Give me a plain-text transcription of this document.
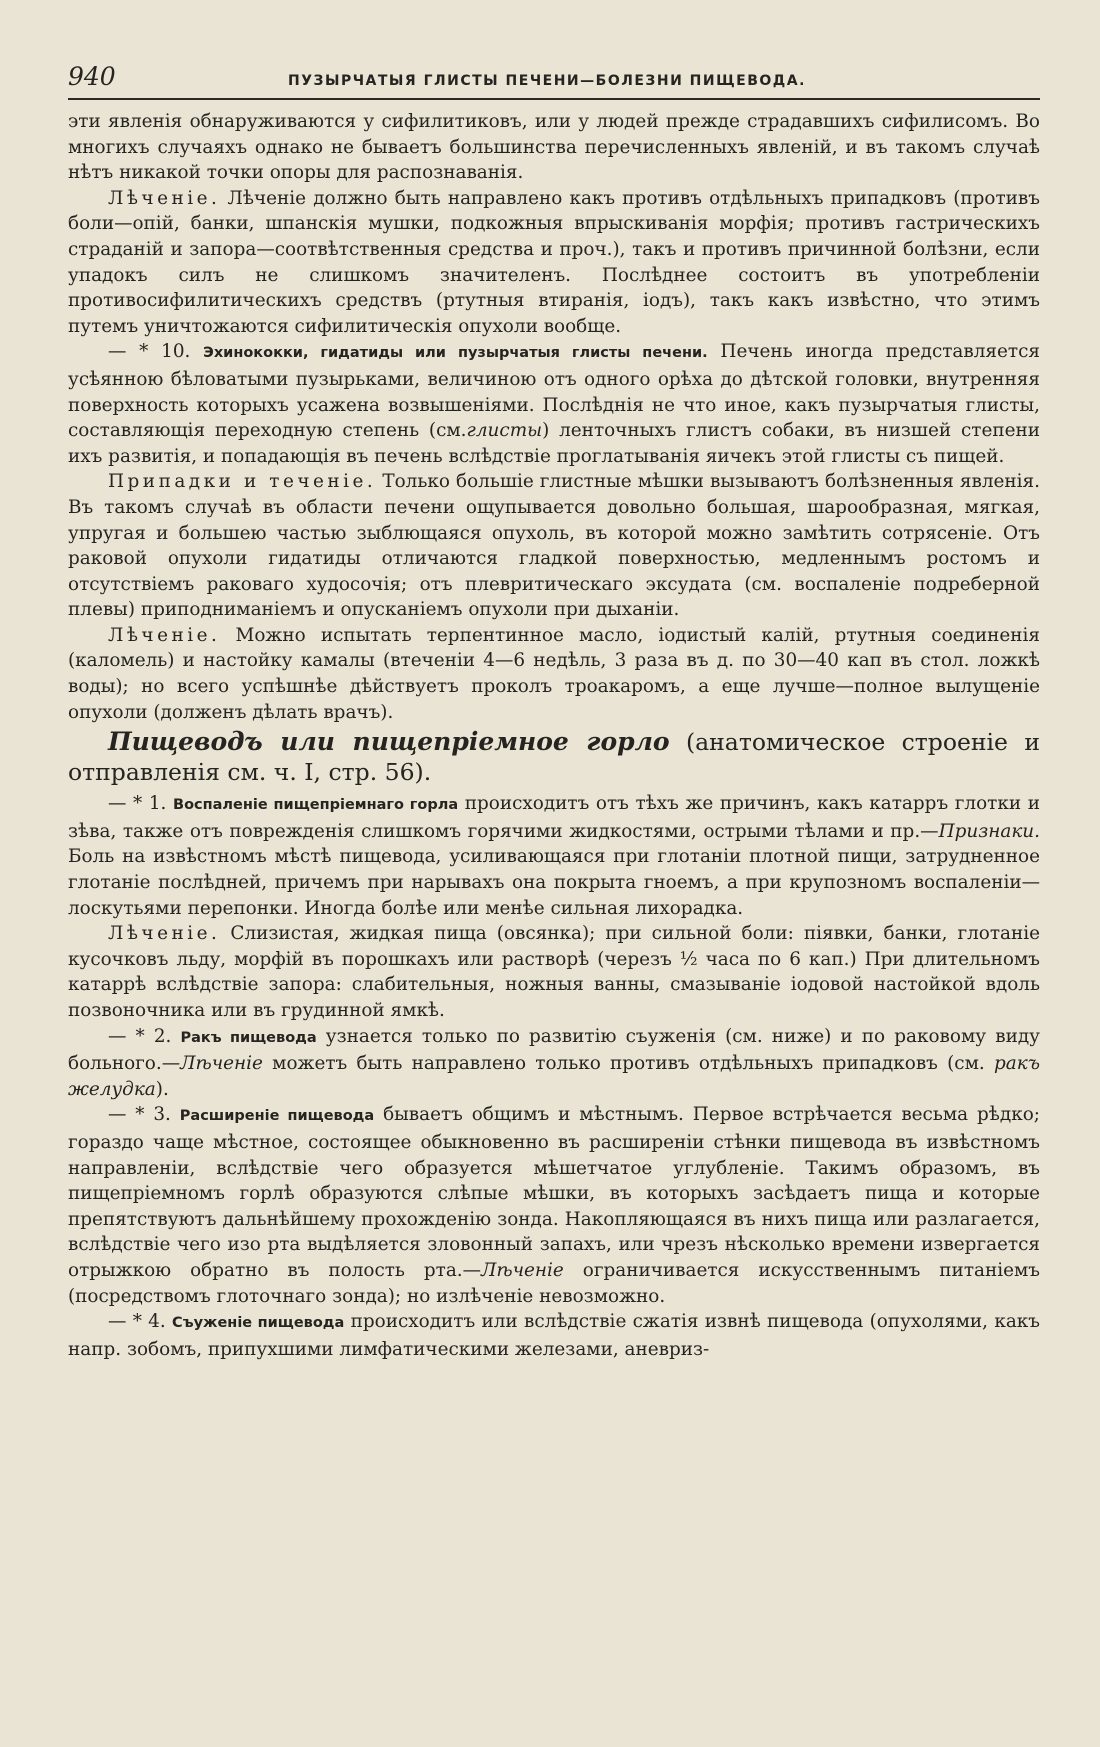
940	ПУЗЫРЧАТЫЯ ГЛИСТЫ ПЕЧЕНИ—БОЛЕЗНИ ПИЩЕВОДА.

эти явленія обнаруживаются у сифилитиковъ, или у людей прежде страдавшихъ сифилисомъ. Во многихъ случаяхъ однако не бываетъ большинства перечисленныхъ явленій, и въ такомъ случаѣ нѣтъ никакой точки опоры для распознаванія.

Лѣченіе. Лѣченіе должно быть направлено какъ противъ отдѣльныхъ припадковъ (противъ боли—опій, банки, шпанскія мушки, подкожныя впрыскиванія морфія; противъ гастрическихъ страданій и запора—соотвѣтственныя средства и проч.), такъ и противъ причинной болѣзни, если упадокъ силъ не слишкомъ значителенъ. Послѣднее состоитъ въ употребленіи противосифилитическихъ средствъ (ртутныя втиранія, іодъ), такъ какъ извѣстно, что этимъ путемъ уничтожаются сифилитическія опухоли вообще.

— * 10. Эхинококки, гидатиды или пузырчатыя глисты печени. Печень иногда представляется усѣянною бѣловатыми пузырьками, величиною отъ одного орѣха до дѣтской головки, внутренняя поверхность которыхъ усажена возвышеніями. Послѣднія не что иное, какъ пузырчатыя глисты, составляющія переходную степень (см.глисты) ленточныхъ глистъ собаки, въ низшей степени ихъ развитія, и попадающія въ печень вслѣдствіе проглатыванія яичекъ этой глисты съ пищей.

Припадки и теченіе. Только большіе глистные мѣшки вызываютъ болѣзненныя явленія. Въ такомъ случаѣ въ области печени ощупывается довольно большая, шарообразная, мягкая, упругая и большею частью зыблющаяся опухоль, въ которой можно замѣтить сотрясеніе. Отъ раковой опухоли гидатиды отличаются гладкой поверхностью, медленнымъ ростомъ и отсутствіемъ раковаго худосочія; отъ плевритическаго эксудата (см. воспаленіе подреберной плевы) приподниманіемъ и опусканіемъ опухоли при дыханіи.

Лѣченіе. Можно испытать терпентинное масло, іодистый калій, ртутныя соединенія (каломель) и настойку камалы (втеченіи 4—6 недѣль, 3 раза въ д. по 30—40 кап въ стол. ложкѣ воды); но всего успѣшнѣе дѣйствуетъ проколъ троакаромъ, а еще лучше—полное вылущеніе опухоли (долженъ дѣлать врачъ).

Пищеводъ или пищепріемное горло (анатомическое строеніе и отправленія см. ч. I, стр. 56).

— * 1. Воспаленіе пищепріемнаго горла происходитъ отъ тѣхъ же причинъ, какъ катарръ глотки и зѣва, также отъ поврежденія слишкомъ горячими жидкостями, острыми тѣлами и пр.—Признаки. Боль на извѣстномъ мѣстѣ пищевода, усиливающаяся при глотаніи плотной пищи, затрудненное глотаніе послѣдней, причемъ при нарывахъ она покрыта гноемъ, а при крупозномъ воспаленіи—лоскутьями перепонки. Иногда болѣе или менѣе сильная лихорадка.

Лѣченіе. Слизистая, жидкая пища (овсянка); при сильной боли: піявки, банки, глотаніе кусочковъ льду, морфій въ порошкахъ или растворѣ (черезъ ½ часа по 6 кап.) При длительномъ катаррѣ вслѣдствіе запора: слабительныя, ножныя ванны, смазываніе іодовой настойкой вдоль позвоночника или въ грудинной ямкѣ.

— * 2. Ракъ пищевода узнается только по развитію съуженія (см. ниже) и по раковому виду больного.—Лѣченіе можетъ быть направлено только противъ отдѣльныхъ припадковъ (см. ракъ желудка).

— * 3. Расширеніе пищевода бываетъ общимъ и мѣстнымъ. Первое встрѣчается весьма рѣдко; гораздо чаще мѣстное, состоящее обыкновенно въ расширеніи стѣнки пищевода въ извѣстномъ направленіи, вслѣдствіе чего образуется мѣшетчатое углубленіе. Такимъ образомъ, въ пищепріемномъ горлѣ образуются слѣпые мѣшки, въ которыхъ засѣдаетъ пища и которые препятствуютъ дальнѣйшему прохожденію зонда. Накопляющаяся въ нихъ пища или разлагается, вслѣдствіе чего изо рта выдѣляется зловонный запахъ, или чрезъ нѣсколько времени извергается отрыжкою обратно въ полость рта.—Лѣченіе ограничивается искусственнымъ питаніемъ (посредствомъ глоточнаго зонда); но излѣченіе невозможно.

— * 4. Съуженіе пищевода происходитъ или вслѣдствіе сжатія извнѣ пищевода (опухолями, какъ напр. зобомъ, припухшими лимфатическими железами, аневриз-
